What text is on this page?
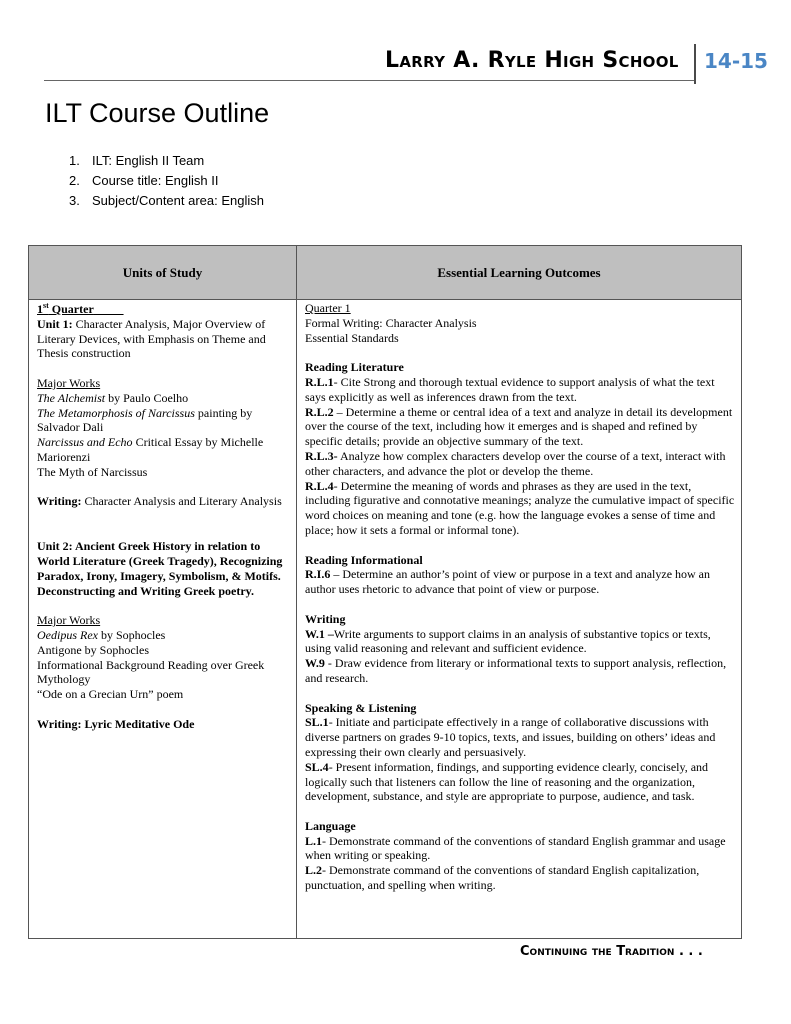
Larry A. Ryle High School 14-15
ILT Course Outline
1. ILT: English II Team
2. Course title: English II
3. Subject/Content area: English
Units of Study	Essential Learning Outcomes

1st Quarter

Unit 1: Character Analysis, Major Overview of Literary Devices, with Emphasis on Theme and Thesis construction

Major Works

The Alchemist by Paulo Coelho

The Metamorphosis of Narcissus painting by Salvador Dali

Narcissus and Echo Critical Essay by Michelle Mariorenzi

The Myth of Narcissus

Writing: Character Analysis and Literary Analysis

Unit 2: Ancient Greek History in relation to World Literature (Greek Tragedy), Recognizing Paradox, Irony, Imagery, Symbolism, & Motifs. Deconstructing and Writing Greek poetry.

Major Works

Oedipus Rex by Sophocles

Antigone by Sophocles

Informational Background Reading over Greek Mythology

“Ode on a Grecian Urn” poem

Writing: Lyric Meditative Ode

Quarter 1

Formal Writing: Character Analysis

Essential Standards

Reading Literature

R.L.1- Cite Strong and thorough textual evidence to support analysis of what the text says explicitly as well as inferences drawn from the text.

R.L.2 – Determine a theme or central idea of a text and analyze in detail its development over the course of the text, including how it emerges and is shaped and refined by specific details; provide an objective summary of the text.

R.L.3- Analyze how complex characters develop over the course of a text, interact with other characters, and advance the plot or develop the theme.

R.L.4- Determine the meaning of words and phrases as they are used in the text, including figurative and connotative meanings; analyze the cumulative impact of specific word choices on meaning and tone (e.g. how the language evokes a sense of time and place; how it sets a formal or informal tone).

Reading Informational

R.I.6 – Determine an author’s point of view or purpose in a text and analyze how an author uses rhetoric to advance that point of view or purpose.

Writing

W.1 –Write arguments to support claims in an analysis of substantive topics or texts, using valid reasoning and relevant and sufficient evidence.

W.9 - Draw evidence from literary or informational texts to support analysis, reflection, and research.

Speaking & Listening

SL.1- Initiate and participate effectively in a range of collaborative discussions with diverse partners on grades 9-10 topics, texts, and issues, building on others’ ideas and expressing their own clearly and persuasively.

SL.4- Present information, findings, and supporting evidence clearly, concisely, and logically such that listeners can follow the line of reasoning and the organization, development, substance, and style are appropriate to purpose, audience, and task.

Language

L.1- Demonstrate command of the conventions of standard English grammar and usage when writing or speaking.

L.2- Demonstrate command of the conventions of standard English capitalization, punctuation, and spelling when writing.

Continuing the Tradition . . .
